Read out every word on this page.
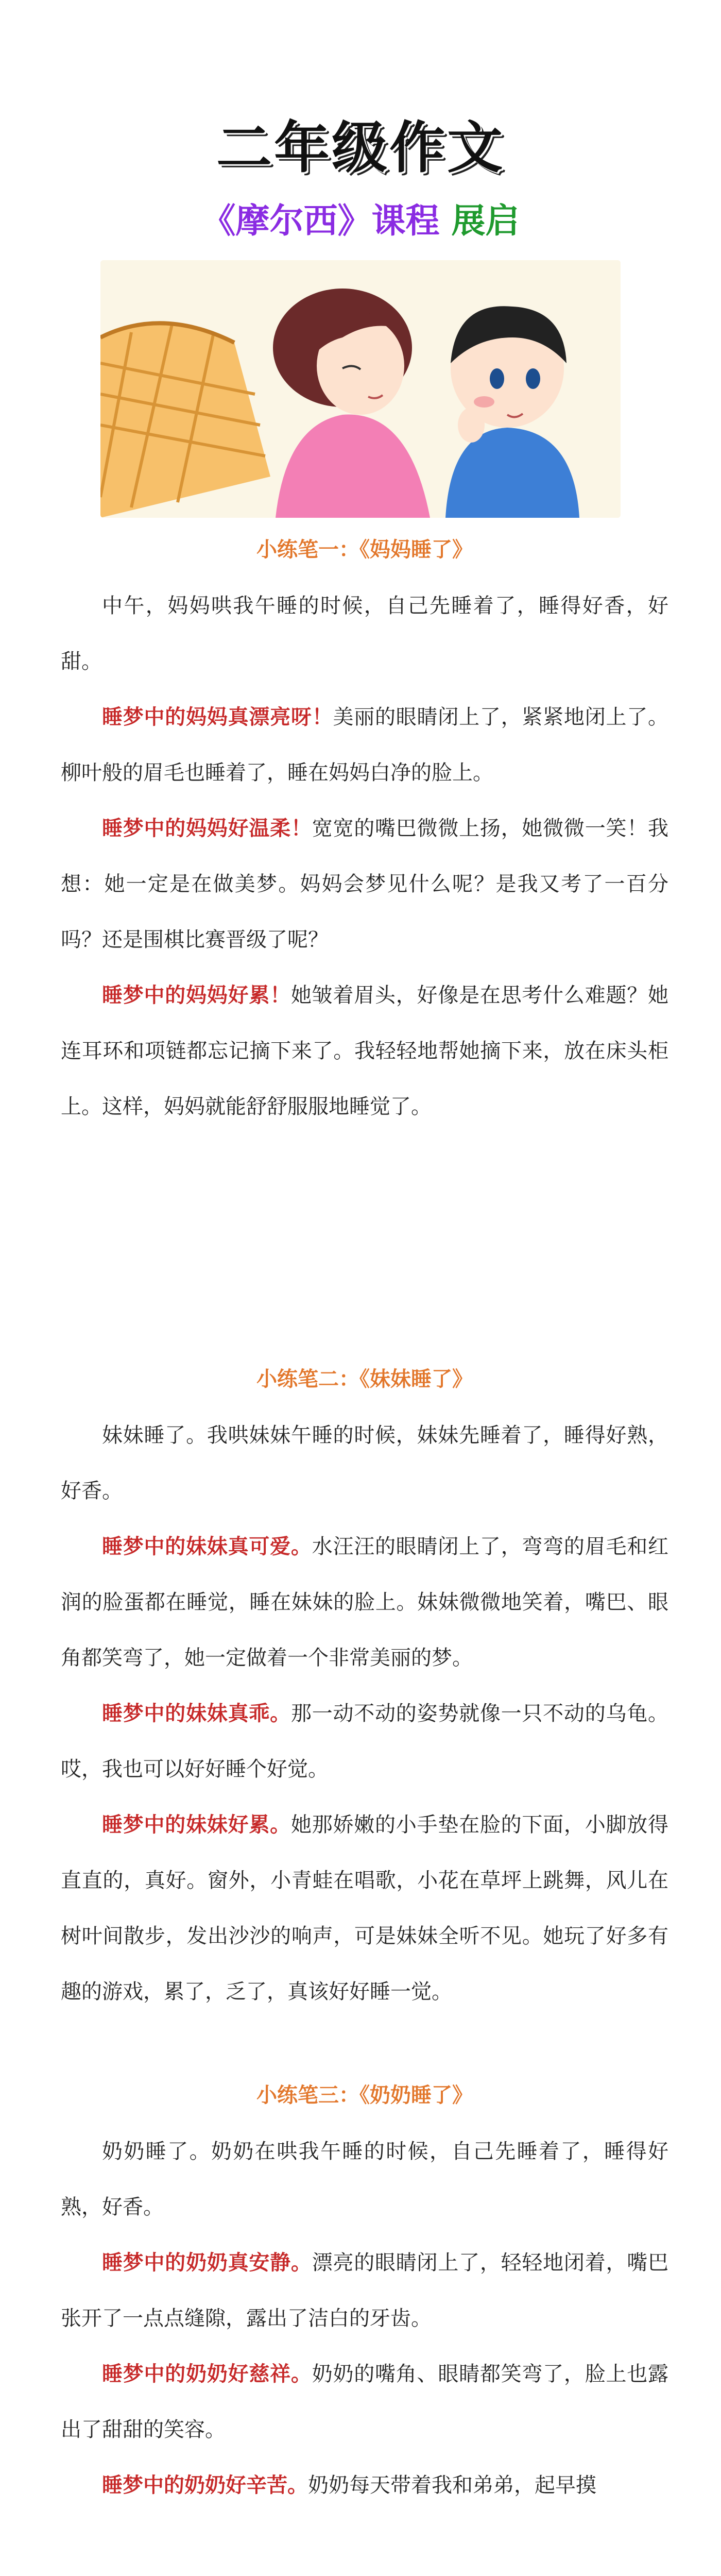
二年级作文
《摩尔西》课程 展启
小练笔一：《妈妈睡了》

中午，妈妈哄我午睡的时候，自己先睡着了，睡得好香，好甜。

睡梦中的妈妈真漂亮呀！美丽的眼睛闭上了，紧紧地闭上了。柳叶般的眉毛也睡着了，睡在妈妈白净的脸上。

睡梦中的妈妈好温柔！宽宽的嘴巴微微上扬，她微微一笑！我想：她一定是在做美梦。妈妈会梦见什么呢？是我又考了一百分吗？还是围棋比赛晋级了呢？

睡梦中的妈妈好累！她皱着眉头，好像是在思考什么难题？她连耳环和项链都忘记摘下来了。我轻轻地帮她摘下来，放在床头柜上。这样，妈妈就能舒舒服服地睡觉了。

小练笔二：《妹妹睡了》

妹妹睡了。我哄妹妹午睡的时候，妹妹先睡着了，睡得好熟，好香。

睡梦中的妹妹真可爱。水汪汪的眼睛闭上了，弯弯的眉毛和红润的脸蛋都在睡觉，睡在妹妹的脸上。妹妹微微地笑着，嘴巴、眼角都笑弯了，她一定做着一个非常美丽的梦。

睡梦中的妹妹真乖。那一动不动的姿势就像一只不动的乌龟。哎，我也可以好好睡个好觉。

睡梦中的妹妹好累。她那娇嫩的小手垫在脸的下面，小脚放得直直的，真好。窗外，小青蛙在唱歌，小花在草坪上跳舞，风儿在树叶间散步，发出沙沙的响声，可是妹妹全听不见。她玩了好多有趣的游戏，累了，乏了，真该好好睡一觉。

小练笔三：《奶奶睡了》

奶奶睡了。奶奶在哄我午睡的时候，自己先睡着了，睡得好熟，好香。

睡梦中的奶奶真安静。漂亮的眼睛闭上了，轻轻地闭着，嘴巴张开了一点点缝隙，露出了洁白的牙齿。

睡梦中的奶奶好慈祥。奶奶的嘴角、眼睛都笑弯了，脸上也露出了甜甜的笑容。

睡梦中的奶奶好辛苦。奶奶每天带着我和弟弟，起早摸
